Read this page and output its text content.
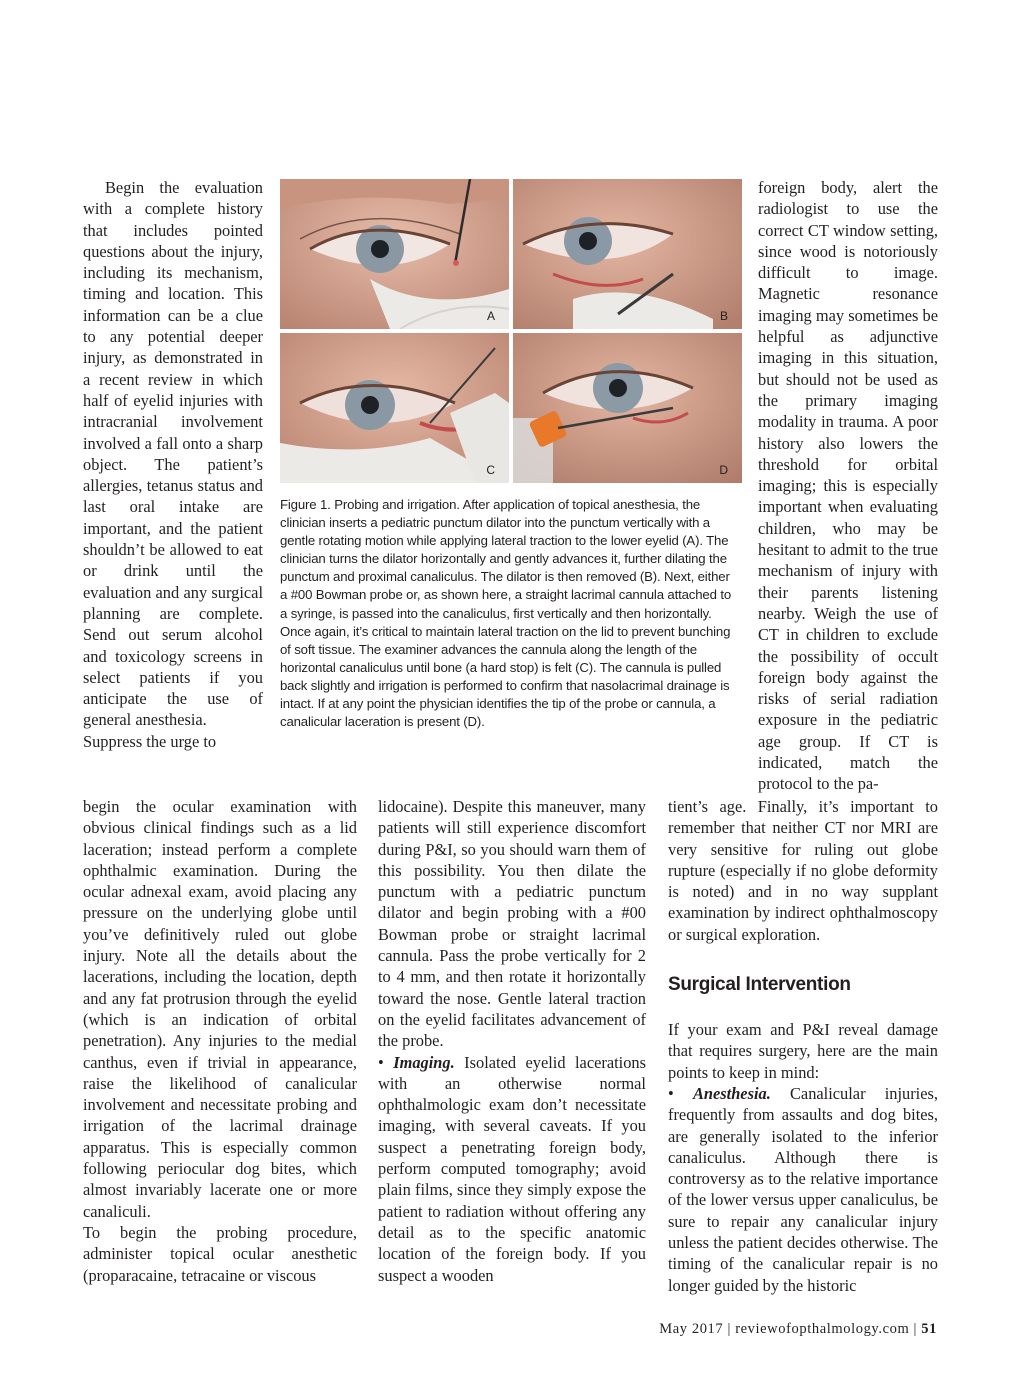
Begin the evaluation with a complete history that includes pointed questions about the injury, including its mechanism, timing and location. This information can be a clue to any potential deeper injury, as demonstrated in a recent review in which half of eyelid injuries with intracranial involvement involved a fall onto a sharp object. The patient’s allergies, tetanus status and last oral intake are important, and the patient shouldn’t be allowed to eat or drink until the evaluation and any surgical planning are complete. Send out serum alcohol and toxicology screens in select patients if you anticipate the use of general anesthesia.

Suppress the urge to

begin the ocular examination with obvious clinical findings such as a lid laceration; instead perform a complete ophthalmic examination. During the ocular adnexal exam, avoid placing any pressure on the underlying globe until you’ve definitively ruled out globe injury. Note all the details about the lacerations, including the location, depth and any fat protrusion through the eyelid (which is an indication of orbital penetration). Any injuries to the medial canthus, even if trivial in appearance, raise the likelihood of canalicular involvement and necessitate probing and irrigation of the lacrimal drainage apparatus. This is especially common following periocular dog bites, which almost invariably lacerate one or more canaliculi.

To begin the probing procedure, administer topical ocular anesthetic (proparacaine, tetracaine or viscous

A	B
C	D
Figure 1. Probing and irrigation. After application of topical anesthesia, the clinician inserts a pediatric punctum dilator into the punctum vertically with a gentle rotating motion while applying lateral traction to the lower eyelid (A). The clinician turns the dilator horizontally and gently advances it, further dilating the punctum and proximal canaliculus. The dilator is then removed (B). Next, either a #00 Bowman probe or, as shown here, a straight lacrimal cannula attached to a syringe, is passed into the canaliculus, first vertically and then horizontally. Once again, it’s critical to maintain lateral traction on the lid to prevent bunching of soft tissue. The examiner advances the cannula along the length of the horizontal canaliculus until bone (a hard stop) is felt (C). The cannula is pulled back slightly and irrigation is performed to confirm that nasolacrimal drainage is intact. If at any point the physician identifies the tip of the probe or cannula, a canalicular laceration is present (D).

lidocaine). Despite this maneuver, many patients will still experience discomfort during P&I, so you should warn them of this possibility. You then dilate the punctum with a pediatric punctum dilator and begin probing with a #00 Bowman probe or straight lacrimal cannula. Pass the probe vertically for 2 to 4 mm, and then rotate it horizontally toward the nose. Gentle lateral traction on the eyelid facilitates advancement of the probe.

• Imaging. Isolated eyelid lacerations with an otherwise normal ophthalmologic exam don’t necessitate imaging, with several caveats. If you suspect a penetrating foreign body, perform computed tomography; avoid plain films, since they simply expose the patient to radiation without offering any detail as to the specific anatomic location of the foreign body. If you suspect a wooden

foreign body, alert the radiologist to use the correct CT window setting, since wood is notoriously difficult to image. Magnetic resonance imaging may sometimes be helpful as adjunctive imaging in this situation, but should not be used as the primary imaging modality in trauma. A poor history also lowers the threshold for orbital imaging; this is especially important when evaluating children, who may be hesitant to admit to the true mechanism of injury with their parents listening nearby. Weigh the use of CT in children to exclude the possibility of occult foreign body against the risks of serial radiation exposure in the pediatric age group. If CT is indicated, match the protocol to the pa-

tient’s age. Finally, it’s important to remember that neither CT nor MRI are very sensitive for ruling out globe rupture (especially if no globe deformity is noted) and in no way supplant examination by indirect ophthalmoscopy or surgical exploration.

Surgical Intervention

If your exam and P&I reveal damage that requires surgery, here are the main points to keep in mind:

• Anesthesia. Canalicular injuries, frequently from assaults and dog bites, are generally isolated to the inferior canaliculus. Although there is controversy as to the relative importance of the lower versus upper canaliculus, be sure to repair any canalicular injury unless the patient decides otherwise. The timing of the canalicular repair is no longer guided by the historic

May 2017 | reviewofopthalmology.com | 51
